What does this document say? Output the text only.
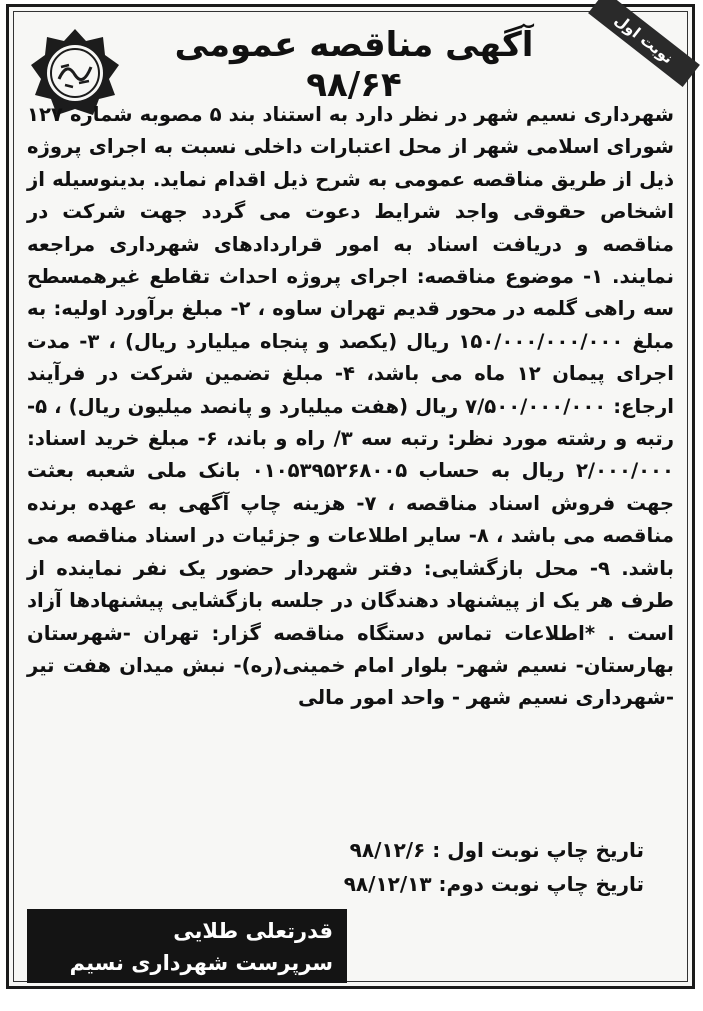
آگهی مناقصه عمومی ۹۸/۶۴
نوبت اول

شهرداری نسیم شهر در نظر دارد به استناد بند ۵ مصوبه شماره ۱۲۷ شورای اسلامی شهر از محل اعتبارات داخلی نسبت به اجرای پروژه ذیل از طریق مناقصه عمومی به شرح ذیل اقدام نماید. بدینوسیله از اشخاص حقوقی واجد شرایط دعوت می گردد جهت شرکت در مناقصه و دریافت اسناد به امور قراردادهای شهرداری مراجعه نمایند. ۱- موضوع مناقصه: اجرای پروژه احداث تقاطع غیرهمسطح سه راهی گلمه در محور قدیم تهران ساوه ، ۲- مبلغ برآورد اولیه: به مبلغ ۱۵۰/۰۰۰/۰۰۰/۰۰۰ ریال (یکصد و پنجاه میلیارد ریال) ، ۳- مدت اجرای پیمان ۱۲ ماه می باشد، ۴- مبلغ تضمین شرکت در فرآیند ارجاع: ۷/۵۰۰/۰۰۰/۰۰۰ ریال (هفت میلیارد و پانصد میلیون ریال) ، ۵- رتبه و رشته مورد نظر: رتبه سه ۳/ راه و باند، ۶- مبلغ خرید اسناد: ۲/۰۰۰/۰۰۰ ریال به حساب ۰۱۰۵۳۹۵۲۶۸۰۰۵ بانک ملی شعبه بعثت جهت فروش اسناد مناقصه ، ۷- هزینه چاپ آگهی به عهده برنده مناقصه می باشد ، ۸- سایر اطلاعات و جزئیات در اسناد مناقصه می باشد. ۹- محل بازگشایی: دفتر شهردار حضور یک نفر نماینده از طرف هر یک از پیشنهاد دهندگان در جلسه بازگشایی پیشنهادها آزاد است . *اطلاعات تماس دستگاه مناقصه گزار: تهران -شهرستان بهارستان- نسیم شهر- بلوار امام خمینی(ره)- نبش میدان هفت تیر -شهرداری نسیم شهر - واحد امور مالی

تاریخ چاپ نوبت اول : ۹۸/۱۲/۶
تاریخ چاپ نوبت دوم: ۹۸/۱۲/۱۳
قدرتعلی طلایی
سرپرست شهرداری نسیم شهر
